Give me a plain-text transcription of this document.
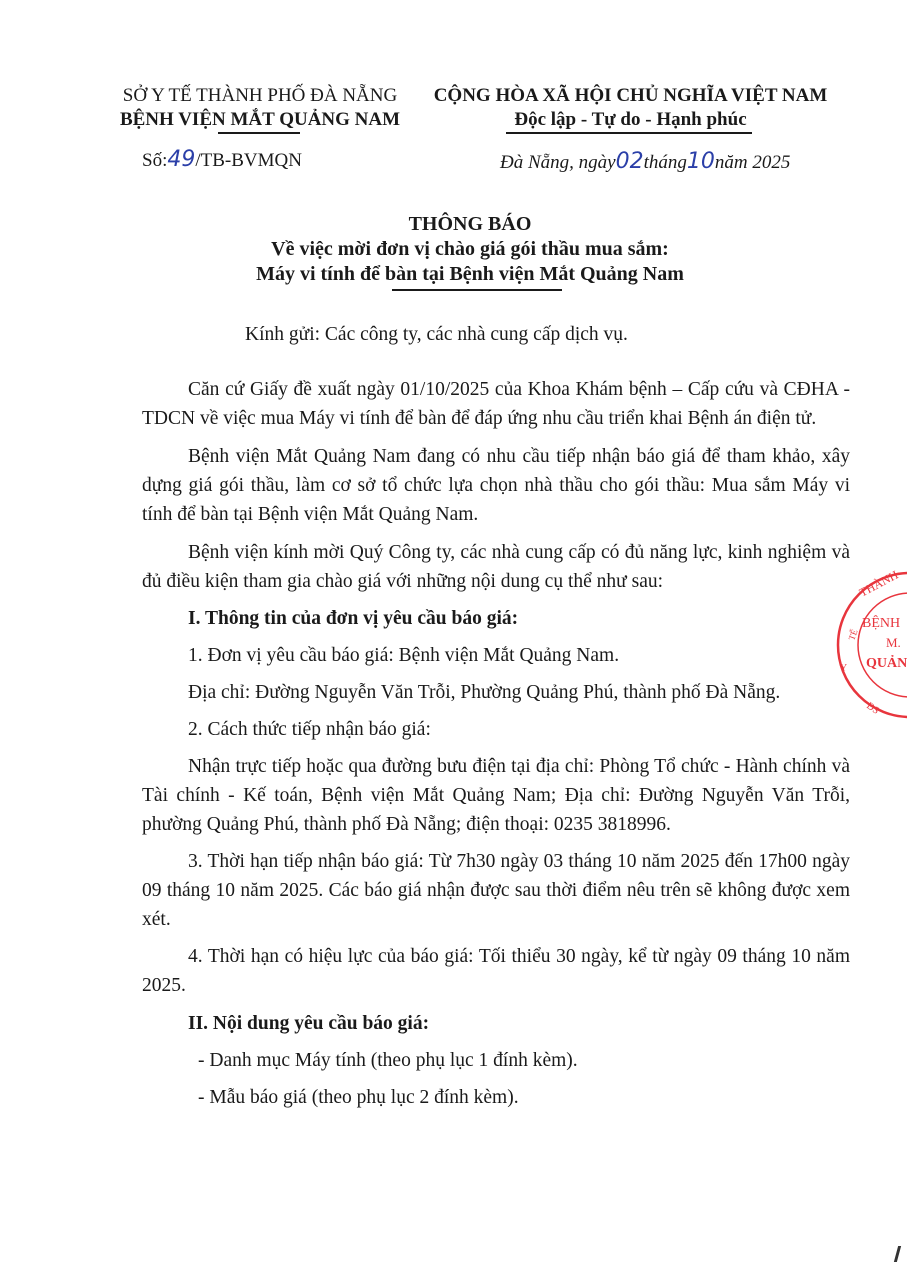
SỞ Y TẾ THÀNH PHỐ ĐÀ NẴNG
BỆNH VIỆN MẮT QUẢNG NAM
CỘNG HÒA XÃ HỘI CHỦ NGHĨA VIỆT NAM
Độc lập - Tự do - Hạnh phúc
Số:49/TB-BVMQN	Đà Nẵng, ngày02tháng10năm 2025
THÔNG BÁO
Về việc mời đơn vị chào giá gói thầu mua sắm:
Máy vi tính để bàn tại Bệnh viện Mắt Quảng Nam
Kính gửi: Các công ty, các nhà cung cấp dịch vụ.

Căn cứ Giấy đề xuất ngày 01/10/2025 của Khoa Khám bệnh – Cấp cứu và CĐHA - TDCN về việc mua Máy vi tính để bàn để đáp ứng nhu cầu triển khai Bệnh án điện tử.

Bệnh viện Mắt Quảng Nam đang có nhu cầu tiếp nhận báo giá để tham khảo, xây dựng giá gói thầu, làm cơ sở tổ chức lựa chọn nhà thầu cho gói thầu: Mua sắm Máy vi tính để bàn tại Bệnh viện Mắt Quảng Nam.

Bệnh viện kính mời Quý Công ty, các nhà cung cấp có đủ năng lực, kinh nghiệm và đủ điều kiện tham gia chào giá với những nội dung cụ thể như sau:

I. Thông tin của đơn vị yêu cầu báo giá:

1. Đơn vị yêu cầu báo giá: Bệnh viện Mắt Quảng Nam.

Địa chỉ: Đường Nguyễn Văn Trỗi, Phường Quảng Phú, thành phố Đà Nẵng.

2. Cách thức tiếp nhận báo giá:

Nhận trực tiếp hoặc qua đường bưu điện tại địa chỉ: Phòng Tổ chức - Hành chính và Tài chính - Kế toán, Bệnh viện Mắt Quảng Nam; Địa chỉ: Đường Nguyễn Văn Trỗi, phường Quảng Phú, thành phố Đà Nẵng; điện thoại: 0235 3818996.

3. Thời hạn tiếp nhận báo giá: Từ 7h30 ngày 03 tháng 10 năm 2025 đến 17h00 ngày 09 tháng 10 năm 2025. Các báo giá nhận được sau thời điểm nêu trên sẽ không được xem xét.

4. Thời hạn có hiệu lực của báo giá: Tối thiểu 30 ngày, kể từ ngày 09 tháng 10 năm 2025.

II. Nội dung yêu cầu báo giá:

- Danh mục Máy tính (theo phụ lục 1 đính kèm).

- Mẫu báo giá (theo phụ lục 2 đính kèm).

THÀNH
TẾ
Y
ĐS
BỆNH
M.
QUẢN
